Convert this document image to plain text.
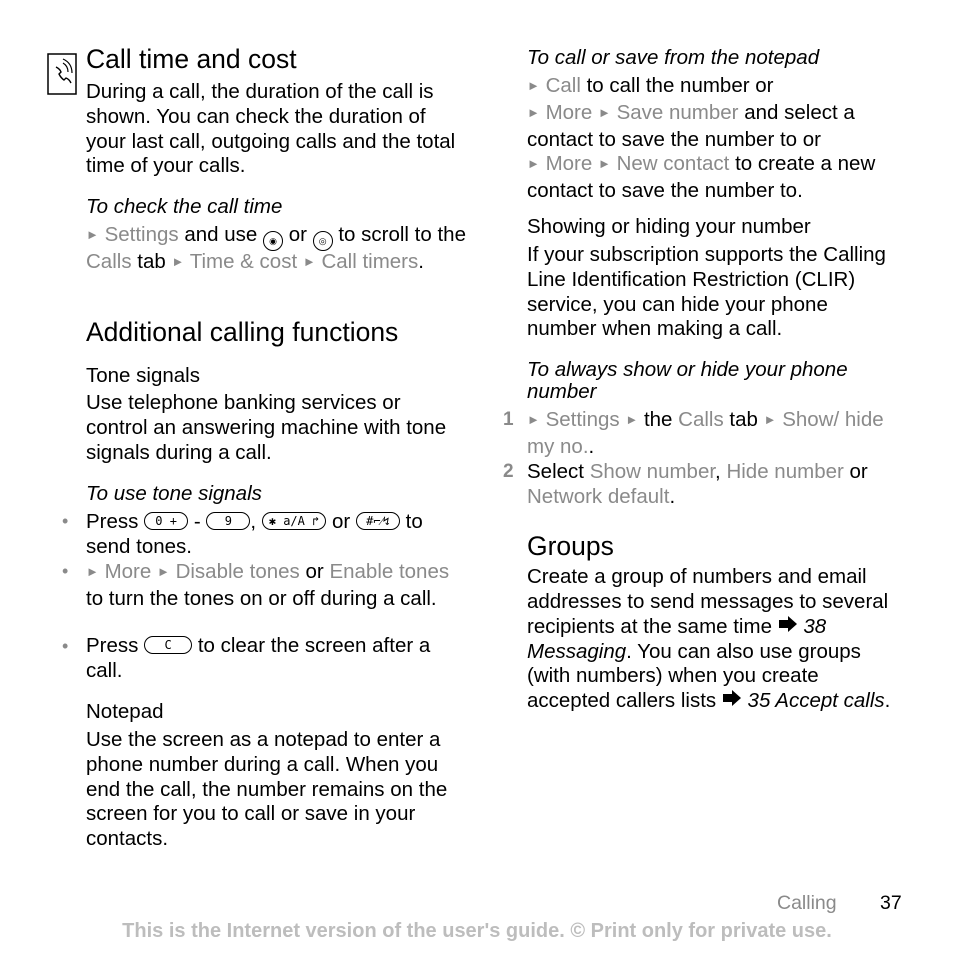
Call time and cost
During a call, the duration of the call is shown. You can check the duration of your last call, outgoing calls and the total time of your calls.
To check the call time
► Settings and use ◉ or ◎ to scroll to the Calls tab ► Time & cost ► Call timers.
Additional calling functions
Tone signals
Use telephone banking services or control an answering machine with tone signals during a call.
To use tone signals
• Press 0 + - 9 , ✱ a/A ↱ or #⌐⁄↯ to send tones.
• ► More ► Disable tones or Enable tones to turn the tones on or off during a call.
• Press C to clear the screen after a call.
Notepad
Use the screen as a notepad to enter a phone number during a call. When you end the call, the number remains on the screen for you to call or save in your contacts.
To call or save from the notepad
► Call to call the number or
► More ► Save number and select a contact to save the number to or
► More ► New contact to create a new contact to save the number to.
Showing or hiding your number
If your subscription supports the Calling Line Identification Restriction (CLIR) service, you can hide your phone number when making a call.
To always show or hide your phone number
1 ► Settings ► the Calls tab ► Show/ hide my no..
2 Select Show number, Hide number or Network default.
Groups
Create a group of numbers and email addresses to send messages to several recipients at the same time 38 Messaging. You can also use groups (with numbers) when you create accepted callers lists 35 Accept calls.
Calling 37
This is the Internet version of the user's guide. © Print only for private use.
